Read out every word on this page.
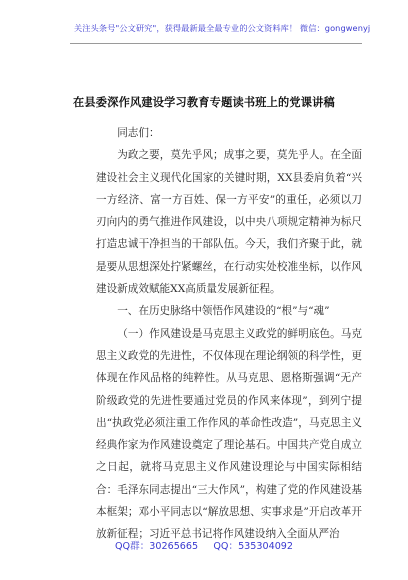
关注头条号"公文研究"，获得最新最全最专业的公文资料库！ 微信：gongwenyj
在县委深作风建设学习教育专题读书班上的党课讲稿

同志们：

为政之要，莫先乎风；成事之要，莫先乎人。在全面建设社会主义现代化国家的关键时期，XX县委肩负着“兴一方经济、富一方百姓、保一方平安”的重任，必须以刀刃向内的勇气推进作风建设，以中央八项规定精神为标尺打造忠诚干净担当的干部队伍。今天，我们齐聚于此，就是要从思想深处拧紧螺丝，在行动实处校准坐标，以作风建设新成效赋能XX高质量发展新征程。

一、在历史脉络中领悟作风建设的“根”与“魂”

（一）作风建设是马克思主义政党的鲜明底色。马克思主义政党的先进性，不仅体现在理论纲领的科学性，更体现在作风品格的纯粹性。从马克思、恩格斯强调“无产阶级政党的先进性要通过党员的作风来体现”，到列宁提出“执政党必须注重工作作风的革命性改造”，马克思主义经典作家为作风建设奠定了理论基石。中国共产党自成立之日起，就将马克思主义作风建设理论与中国实际相结合：毛泽东同志提出“三大作风”，构建了党的作风建设基本框架；邓小平同志以“解放思想、实事求是”开启改革开放新征程；习近平总书记将作风建设纳入全面从严治

QQ群：30265665     QQ：535304092
